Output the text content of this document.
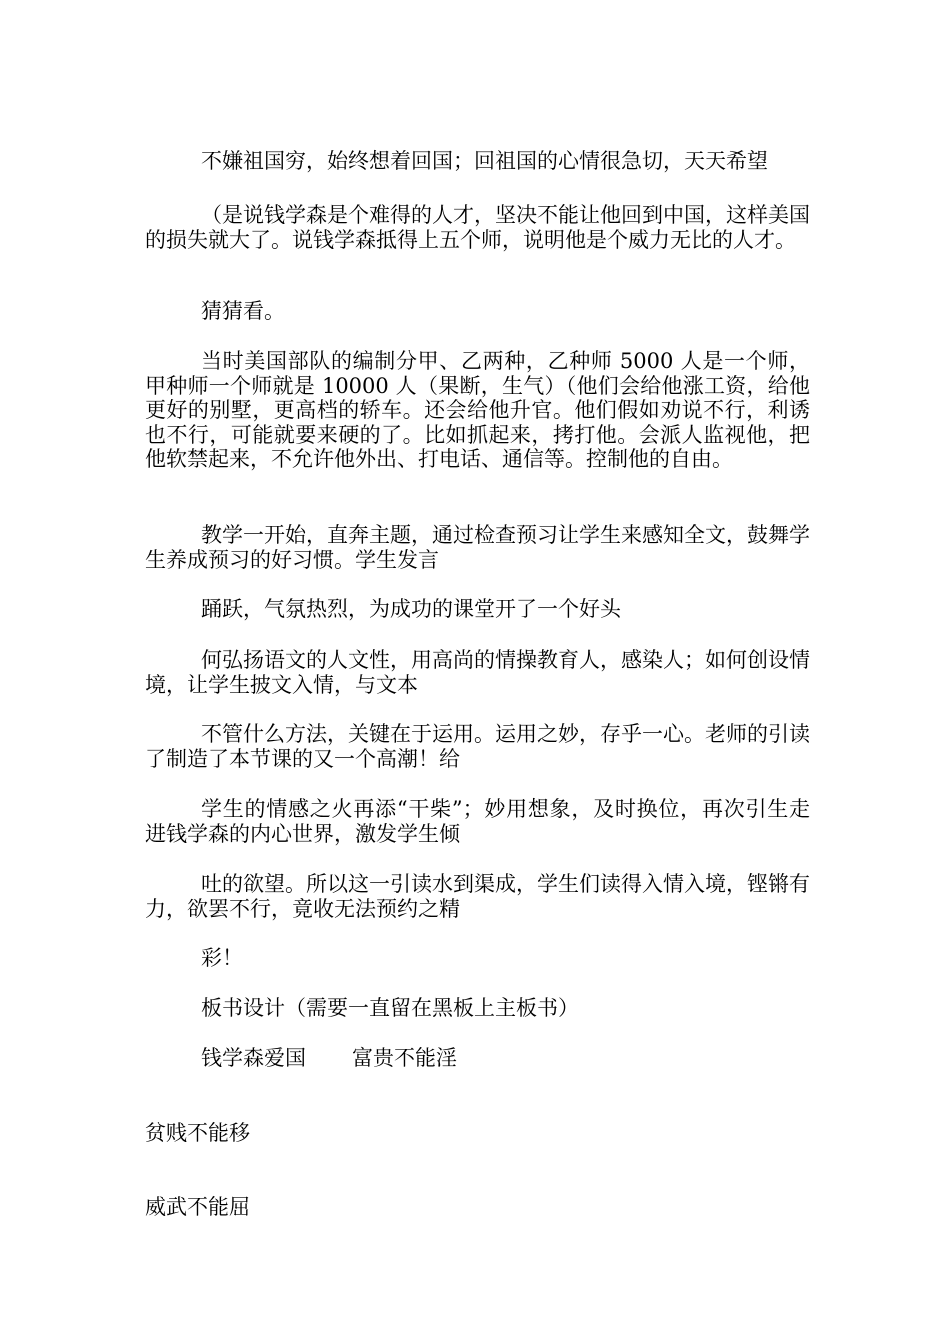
不嫌祖国穷，始终想着回国；回祖国的心情很急切，天天希望

（是说钱学森是个难得的人才，坚决不能让他回到中国，这样美国的损失就大了。说钱学森抵得上五个师，说明他是个威力无比的人才。

猜猜看。

当时美国部队的编制分甲、乙两种，乙种师 5000 人是一个师，甲种师一个师就是 10000 人（果断，生气）（他们会给他涨工资，给他更好的别墅，更高档的轿车。还会给他升官。他们假如劝说不行，利诱也不行，可能就要来硬的了。比如抓起来，拷打他。会派人监视他，把他软禁起来，不允许他外出、打电话、通信等。控制他的自由。

教学一开始，直奔主题，通过检查预习让学生来感知全文，鼓舞学生养成预习的好习惯。学生发言

踊跃，气氛热烈，为成功的课堂开了一个好头

何弘扬语文的人文性，用高尚的情操教育人，感染人；如何创设情境，让学生披文入情，与文本

不管什么方法，关键在于运用。运用之妙，存乎一心。老师的引读了制造了本节课的又一个高潮！给

学生的情感之火再添“干柴”；妙用想象，及时换位，再次引生走进钱学森的内心世界，激发学生倾

吐的欲望。所以这一引读水到渠成，学生们读得入情入境，铿锵有力，欲罢不行，竟收无法预约之精

彩！

板书设计（需要一直留在黑板上主板书）

钱学森爱国 富贵不能淫

贫贱不能移

威武不能屈
